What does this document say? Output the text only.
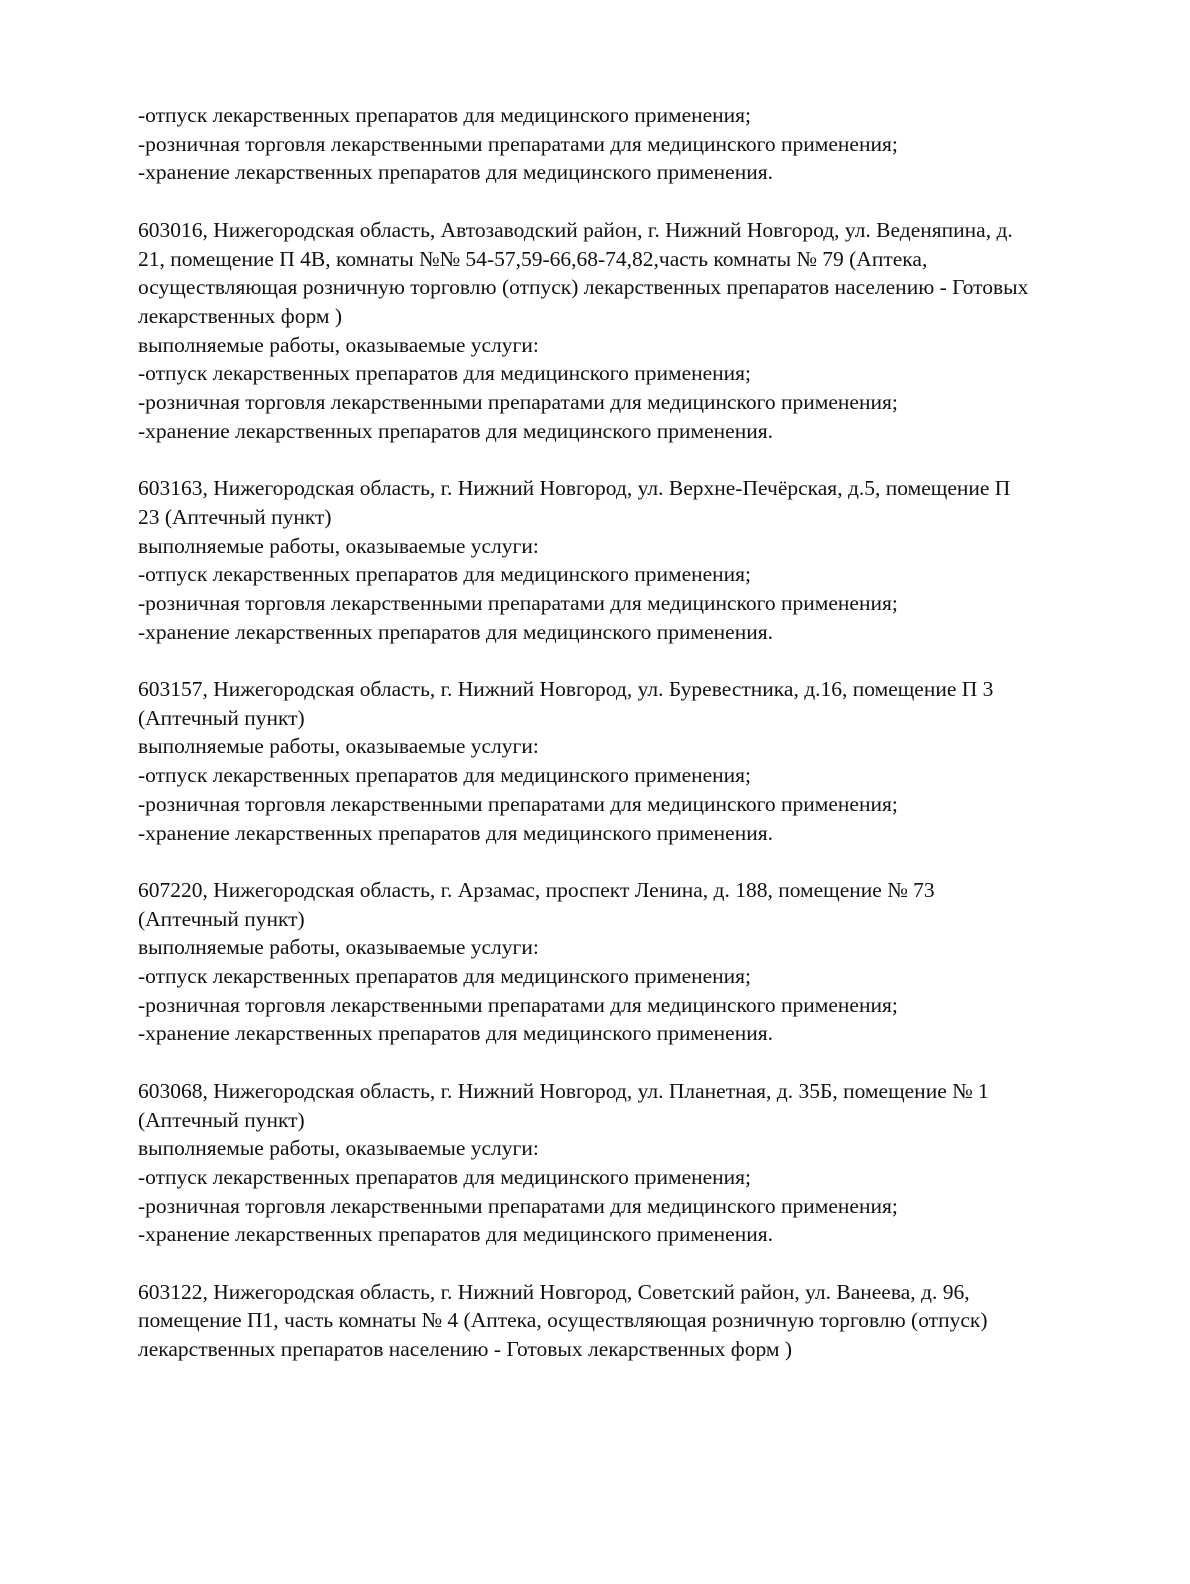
-отпуск лекарственных препаратов для медицинского применения;
-розничная торговля лекарственными препаратами для медицинского применения;
-хранение лекарственных препаратов для медицинского применения.
603016, Нижегородская область, Автозаводский район, г. Нижний Новгород, ул. Веденяпина, д.
21, помещение П 4В, комнаты №№ 54-57,59-66,68-74,82,часть комнаты № 79 (Аптека,
осуществляющая розничную торговлю (отпуск) лекарственных препаратов населению - Готовых
лекарственных форм )
выполняемые работы, оказываемые услуги:
-отпуск лекарственных препаратов для медицинского применения;
-розничная торговля лекарственными препаратами для медицинского применения;
-хранение лекарственных препаратов для медицинского применения.
603163, Нижегородская область, г. Нижний Новгород, ул. Верхне-Печёрская, д.5, помещение П
23 (Аптечный пункт)
выполняемые работы, оказываемые услуги:
-отпуск лекарственных препаратов для медицинского применения;
-розничная торговля лекарственными препаратами для медицинского применения;
-хранение лекарственных препаратов для медицинского применения.
603157, Нижегородская область, г. Нижний Новгород, ул. Буревестника, д.16, помещение П 3
(Аптечный пункт)
выполняемые работы, оказываемые услуги:
-отпуск лекарственных препаратов для медицинского применения;
-розничная торговля лекарственными препаратами для медицинского применения;
-хранение лекарственных препаратов для медицинского применения.
607220, Нижегородская область, г. Арзамас, проспект Ленина, д. 188, помещение № 73
(Аптечный пункт)
выполняемые работы, оказываемые услуги:
-отпуск лекарственных препаратов для медицинского применения;
-розничная торговля лекарственными препаратами для медицинского применения;
-хранение лекарственных препаратов для медицинского применения.
603068, Нижегородская область, г. Нижний Новгород, ул. Планетная, д. 35Б, помещение № 1
(Аптечный пункт)
выполняемые работы, оказываемые услуги:
-отпуск лекарственных препаратов для медицинского применения;
-розничная торговля лекарственными препаратами для медицинского применения;
-хранение лекарственных препаратов для медицинского применения.
603122, Нижегородская область, г. Нижний Новгород, Советский район, ул. Ванеева, д. 96,
помещение П1, часть комнаты № 4 (Аптека, осуществляющая розничную торговлю (отпуск)
лекарственных препаратов населению - Готовых лекарственных форм )
